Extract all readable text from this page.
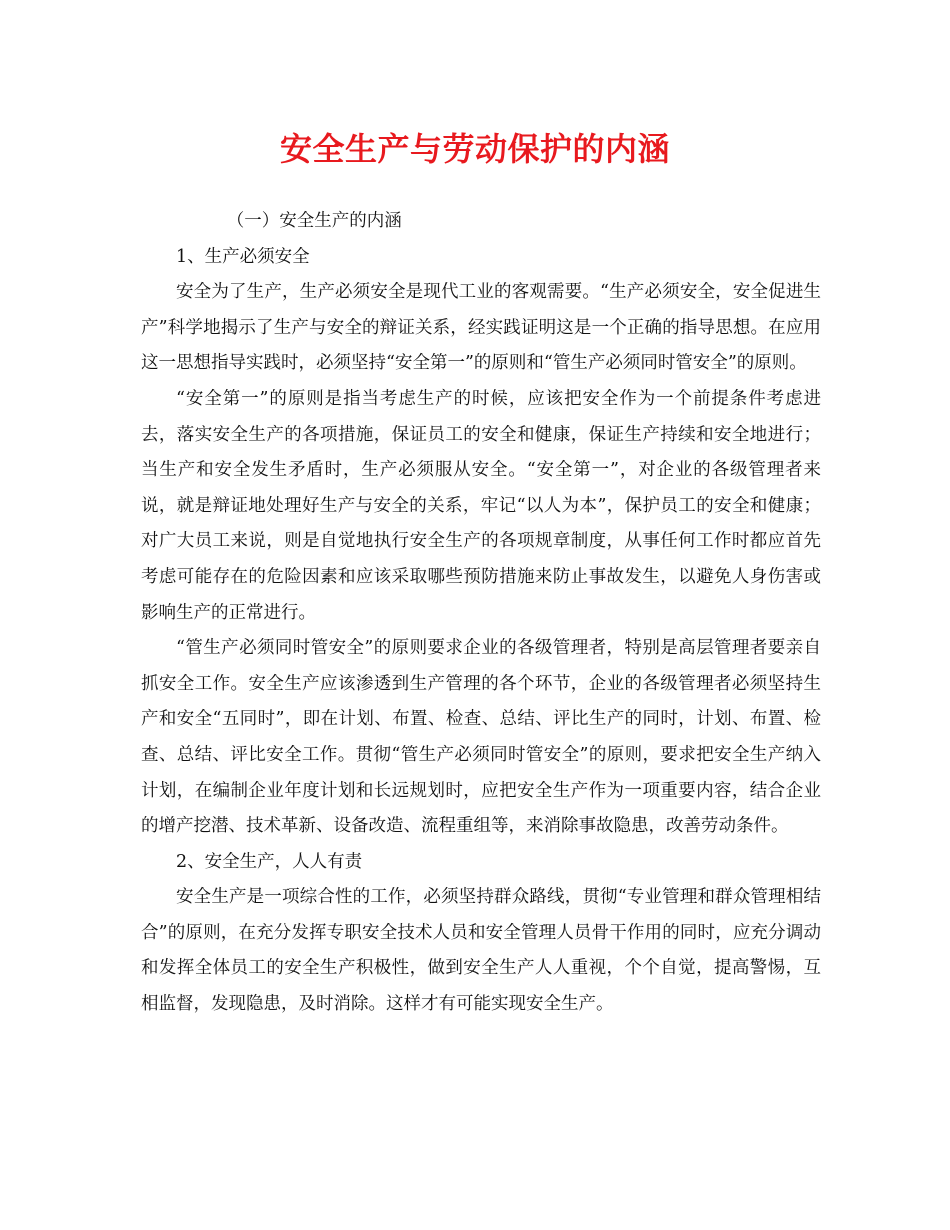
安全生产与劳动保护的内涵

（一）安全生产的内涵

1、生产必须安全

安全为了生产，生产必须安全是现代工业的客观需要。“生产必须安全，安全促进生产”科学地揭示了生产与安全的辩证关系，经实践证明这是一个正确的指导思想。在应用这一思想指导实践时，必须坚持“安全第一”的原则和“管生产必须同时管安全”的原则。

“安全第一”的原则是指当考虑生产的时候，应该把安全作为一个前提条件考虑进去，落实安全生产的各项措施，保证员工的安全和健康，保证生产持续和安全地进行；当生产和安全发生矛盾时，生产必须服从安全。“安全第一”，对企业的各级管理者来说，就是辩证地处理好生产与安全的关系，牢记“以人为本”，保护员工的安全和健康；对广大员工来说，则是自觉地执行安全生产的各项规章制度，从事任何工作时都应首先考虑可能存在的危险因素和应该采取哪些预防措施来防止事故发生，以避免人身伤害或影响生产的正常进行。

“管生产必须同时管安全”的原则要求企业的各级管理者，特别是高层管理者要亲自抓安全工作。安全生产应该渗透到生产管理的各个环节，企业的各级管理者必须坚持生产和安全“五同时”，即在计划、布置、检查、总结、评比生产的同时，计划、布置、检查、总结、评比安全工作。贯彻“管生产必须同时管安全”的原则，要求把安全生产纳入计划，在编制企业年度计划和长远规划时，应把安全生产作为一项重要内容，结合企业的增产挖潜、技术革新、设备改造、流程重组等，来消除事故隐患，改善劳动条件。

2、安全生产，人人有责

安全生产是一项综合性的工作，必须坚持群众路线，贯彻“专业管理和群众管理相结合”的原则，在充分发挥专职安全技术人员和安全管理人员骨干作用的同时，应充分调动和发挥全体员工的安全生产积极性，做到安全生产人人重视，个个自觉，提高警惕，互相监督，发现隐患，及时消除。这样才有可能实现安全生产。
